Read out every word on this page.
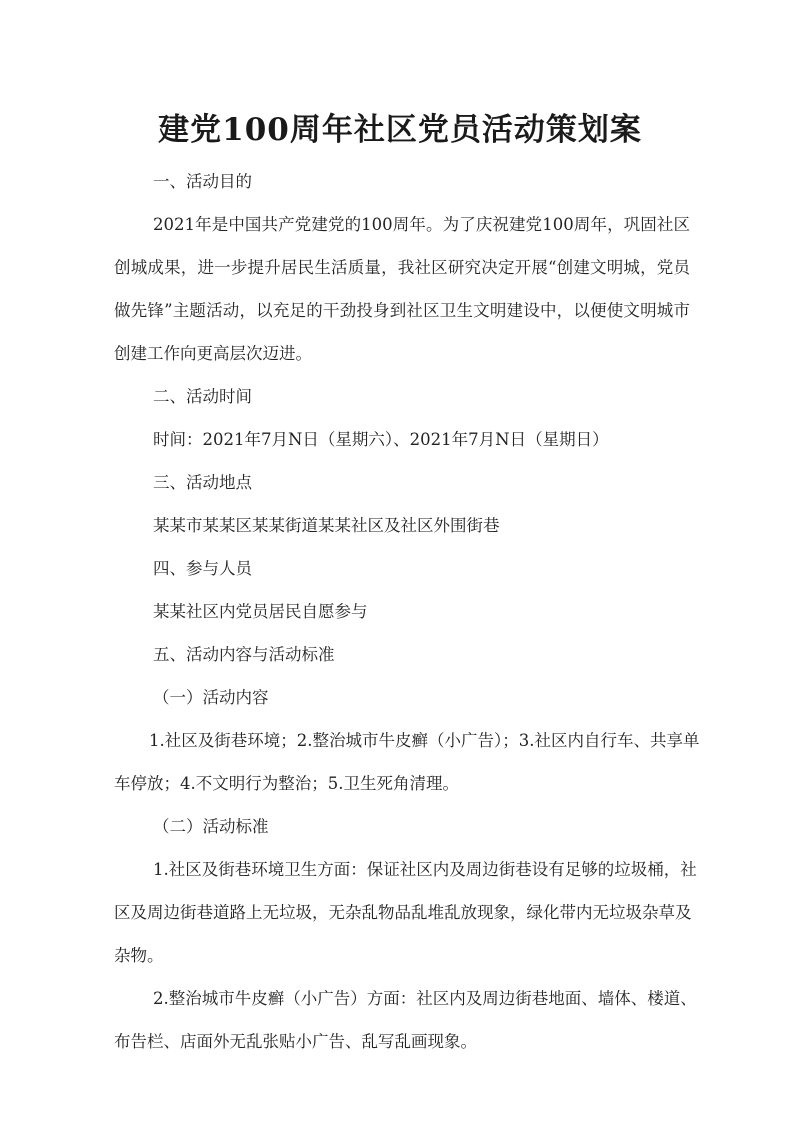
建党100周年社区党员活动策划案

一、活动目的

2021年是中国共产党建党的100周年。为了庆祝建党100周年，巩固社区

创城成果，进一步提升居民生活质量，我社区研究决定开展“创建文明城，党员

做先锋”主题活动，以充足的干劲投身到社区卫生文明建设中，以便使文明城市

创建工作向更高层次迈进。

二、活动时间

时间：2021年7月N日（星期六）、2021年7月N日（星期日）

三、活动地点

某某市某某区某某街道某某社区及社区外围街巷

四、参与人员

某某社区内党员居民自愿参与

五、活动内容与活动标准

（一）活动内容

1.社区及街巷环境；2.整治城市牛皮癣（小广告）；3.社区内自行车、共享单

车停放；4.不文明行为整治；5.卫生死角清理。

（二）活动标准

1.社区及街巷环境卫生方面：保证社区内及周边街巷设有足够的垃圾桶，社

区及周边街巷道路上无垃圾，无杂乱物品乱堆乱放现象，绿化带内无垃圾杂草及

杂物。

2.整治城市牛皮癣（小广告）方面：社区内及周边街巷地面、墙体、楼道、

布告栏、店面外无乱张贴小广告、乱写乱画现象。
